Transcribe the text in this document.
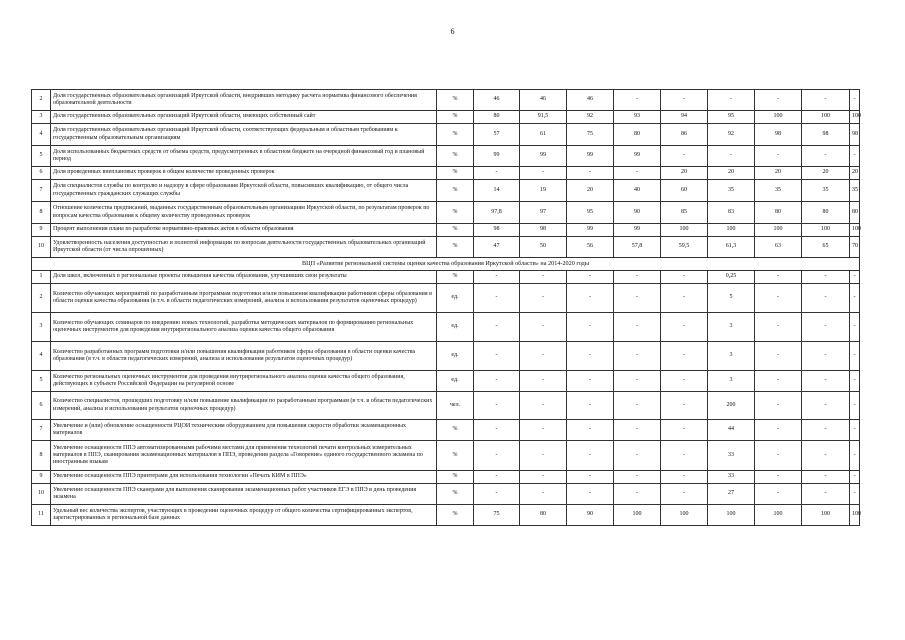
6
2	Доля государственных образовательных организаций Иркутской области, внедривших методику расчета норматива финансового обеспечения образовательной деятельности	%	46	46	46	-	-	-	-	-	-	
3	Доля государственных образовательных организаций Иркутской области, имеющих собственный сайт	%	80	91,5	92	93	94	95	100	100	100	
4	Доля государственных образовательных организаций Иркутской области, соответствующих федеральным и областным требованиям к государственным образовательным организациям	%	57	61	75	80	86	92	98	98	98	
5	Доля использованных бюджетных средств от объема средств, предусмотренных в областном бюджете на очередной финансовый год и плановый период	%	99	99	99	99	-	-	-	-	-	
6	Доля проведенных внеплановых проверок в общем количестве проведенных проверок	%	-	-	-	-	20	20	20	20	20	
7	Доля специалистов службы по контролю и надзору в сфере образования Иркутской области, повысивших квалификацию, от общего числа государственных гражданских служащих службы	%	14	19	20	40	60	35	35	35	35	
8	Отношение количества предписаний, выданных государственным образовательным организациям Иркутской области, по результатам проверок по вопросам качества образования к общему количеству проведенных проверок	%	97,8	97	95	90	85	83	80	80	80	
9	Процент выполнения плана по разработке нормативно-правовых актов в области образования	%	98	98	99	99	100	100	100	100	100	
10	Удовлетворенность населения доступностью и полнотой информации по вопросам деятельности государственных образовательных организаций Иркутской области (от числа опрошенных)	%	47	50	56	57,8	59,5	61,3	63	65	70	
ВЦП «Развитие региональной системы оценки качества образования Иркутской области» на 2014-2020 годы												
1	Доля школ, включенных в региональные проекты повышения качества образования, улучшивших свои результаты	%	-	-	-	-	-	0,25	-	-	-	
2	Количество обучающих мероприятий по разработанным программам подготовки и/или повышения квалификации работников сферы образования в области оценки качества образования (в т.ч. в области педагогических измерений, анализа и использования результатов оценочных процедур)	ед.	-	-	-	-	-	5	-	-	-	
3	Количество обучающих семинаров по внедрению новых технологий, разработка методических материалов по формированию региональных оценочных инструментов для проведения внутрирегионального анализа оценки качества общего образования	ед.	-	-	-	-	-	3	-	-	-	
4	Количество разработанных программ подготовки и/или повышения квалификации работников сферы образования в области оценки качества образования (в т.ч. в области педагогических измерений, анализа и использования результатов оценочных процедур)	ед.	-	-	-	-	-	3	-	-	-	
5	Количество региональных оценочных инструментов для проведения внутрирегионального анализа оценки качества общего образования, действующих в субъекте Российской Федерации на регулярной основе	ед.	-	-	-	-	-	3	-	-	-	
6	Количество специалистов, прошедших подготовку и/или повышение квалификации по разработанным программам (в т.ч. в области педагогических измерений, анализа и использования результатов оценочных процедур)	чел.	-	-	-	-	-	200	-	-	-	
7	Увеличение и (или) обновление оснащенности РЦОИ техническим оборудованием для повышения скорости обработки экзаменационных материалов	%	-	-	-	-	-	44	-	-	-	
8	Увеличение оснащенности ППЭ автоматизированными рабочими местами для применения технологий печати контрольных измерительных материалов в ППЭ, сканирования экзаменационных материалов в ППЭ, проведения раздела «Говорение» единого государственного экзамена по иностранным языкам	%	-	-	-	-	-	33	-	-	-	
9	Увеличение оснащенности ППЭ принтерами для использования технологии «Печать КИМ в ППЭ»	%	-	-	-	-	-	33	-	-	-	
10	Увеличение оснащенности ППЭ сканерами для выполнения сканирования экзаменационных работ участников ЕГЭ в ППЭ в день проведения экзамена	%	-	-	-	-	-	27	-	-	-	
11	Удельный вес количества экспертов, участвующих в проведении оценочных процедур от общего количества сертифицированных экспертов, зарегистрированных в региональной базе данных	%	75	80	90	100	100	100	100	100	100	
